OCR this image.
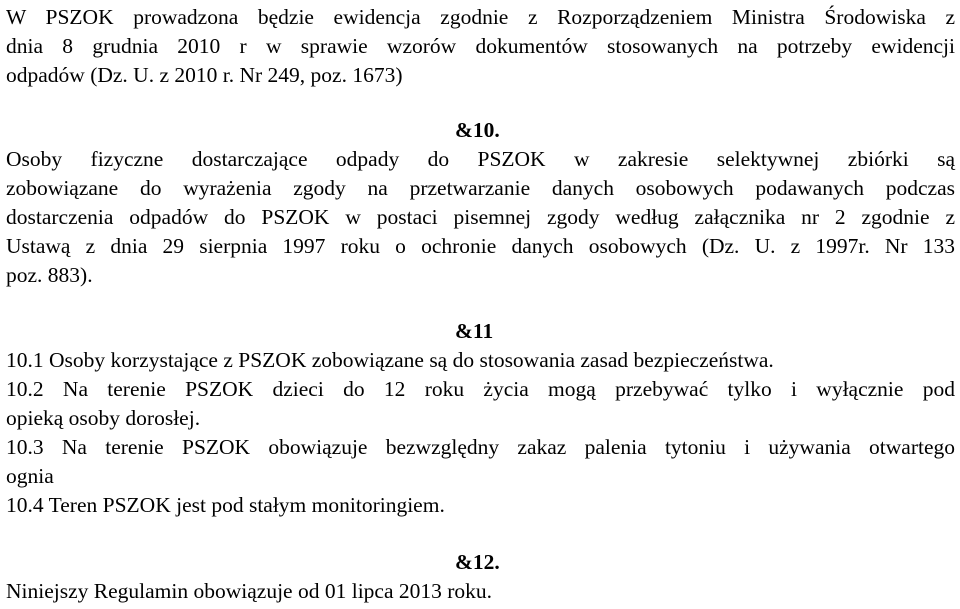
W PSZOK prowadzona będzie ewidencja zgodnie z Rozporządzeniem Ministra Środowiska z
dnia 8 grudnia 2010 r w sprawie wzorów dokumentów stosowanych na potrzeby ewidencji
odpadów (Dz. U. z 2010 r. Nr 249, poz. 1673)
&10.
Osoby fizyczne dostarczające odpady do PSZOK w zakresie selektywnej zbiórki są
zobowiązane do wyrażenia zgody na przetwarzanie danych osobowych podawanych podczas
dostarczenia odpadów do PSZOK w postaci pisemnej zgody według załącznika nr 2 zgodnie z
Ustawą z dnia 29 sierpnia 1997 roku o ochronie danych osobowych (Dz. U. z 1997r. Nr 133
poz. 883).
&11
10.1 Osoby korzystające z PSZOK zobowiązane są do stosowania zasad bezpieczeństwa.
10.2 Na terenie PSZOK dzieci do 12 roku życia mogą przebywać tylko i wyłącznie pod
opieką osoby dorosłej.
10.3 Na terenie PSZOK obowiązuje bezwzględny zakaz palenia tytoniu i używania otwartego
ognia
10.4 Teren PSZOK jest pod stałym monitoringiem.
&12.
Niniejszy Regulamin obowiązuje od 01 lipca 2013 roku.
